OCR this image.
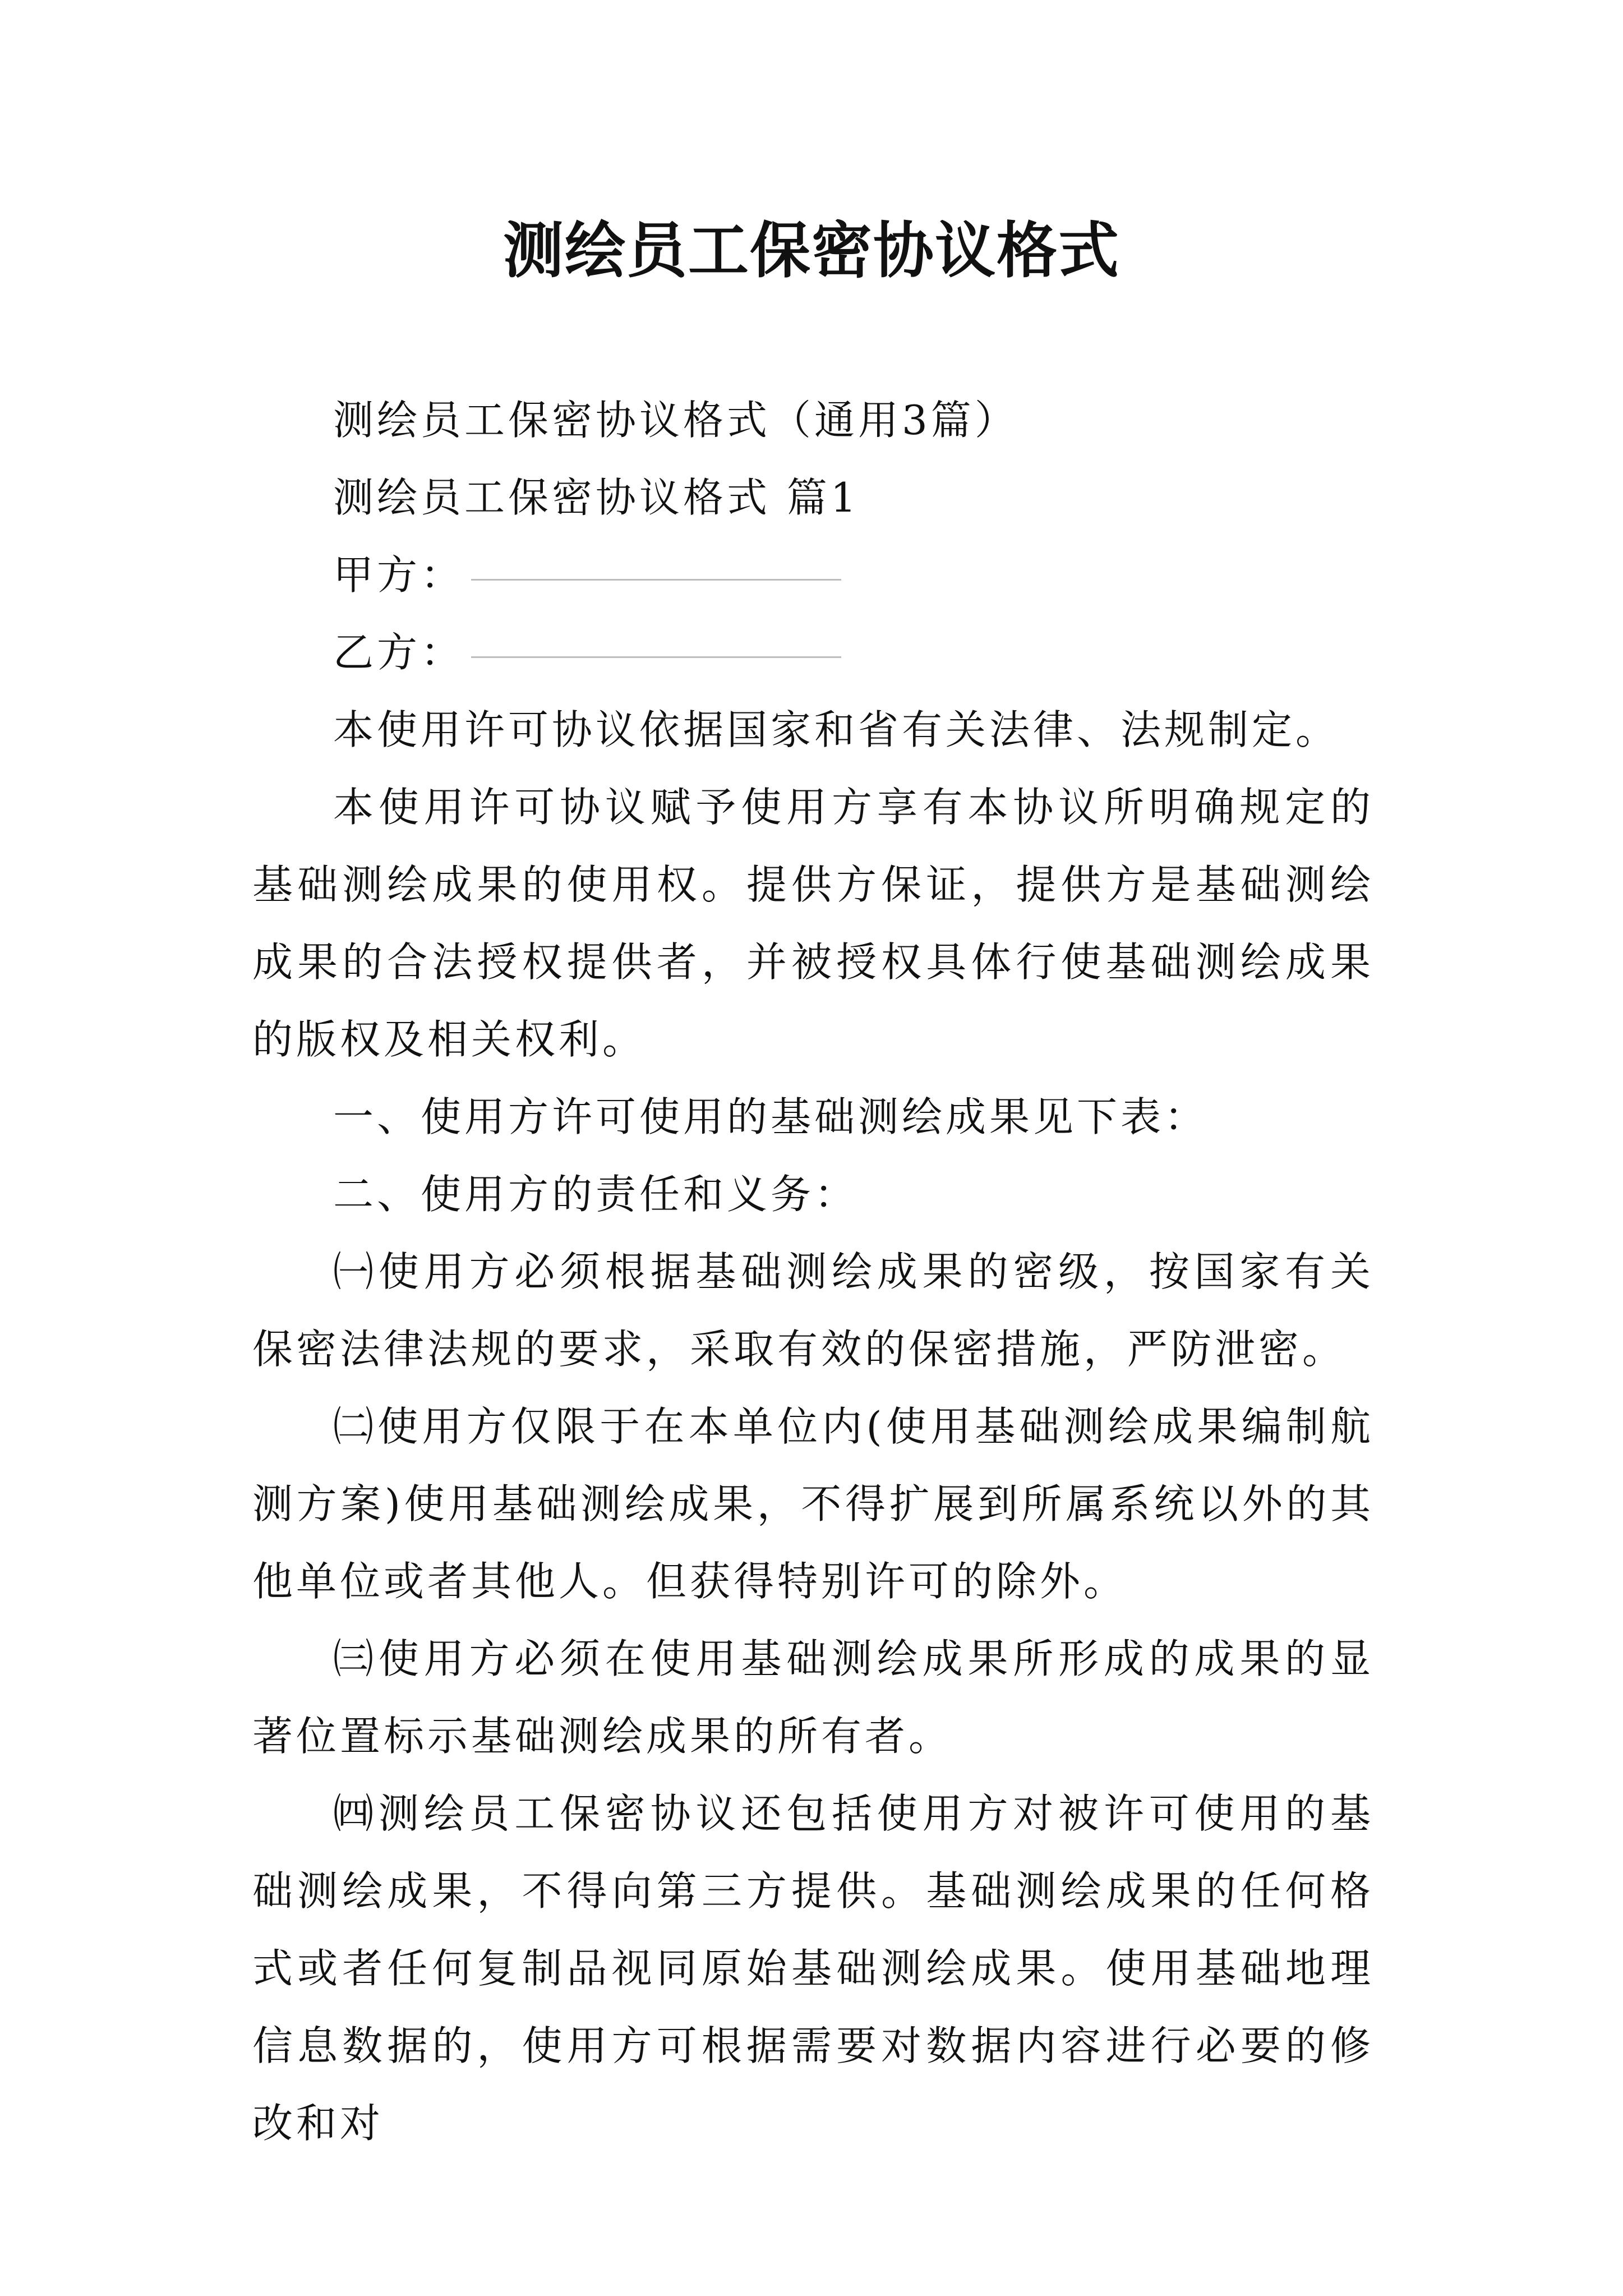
测绘员工保密协议格式

测绘员工保密协议格式（通用3篇）

测绘员工保密协议格式 篇1

甲方：

乙方：

本使用许可协议依据国家和省有关法律、法规制定。

本使用许可协议赋予使用方享有本协议所明确规定的基础测绘成果的使用权。提供方保证，提供方是基础测绘成果的合法授权提供者，并被授权具体行使基础测绘成果的版权及相关权利。

一、使用方许可使用的基础测绘成果见下表：

二、使用方的责任和义务：

㈠使用方必须根据基础测绘成果的密级，按国家有关保密法律法规的要求，采取有效的保密措施，严防泄密。

㈡使用方仅限于在本单位内(使用基础测绘成果编制航测方案)使用基础测绘成果，不得扩展到所属系统以外的其他单位或者其他人。但获得特别许可的除外。

㈢使用方必须在使用基础测绘成果所形成的成果的显著位置标示基础测绘成果的所有者。

㈣测绘员工保密协议还包括使用方对被许可使用的基础测绘成果，不得向第三方提供。基础测绘成果的任何格式或者任何复制品视同原始基础测绘成果。使用基础地理信息数据的，使用方可根据需要对数据内容进行必要的修改和对
